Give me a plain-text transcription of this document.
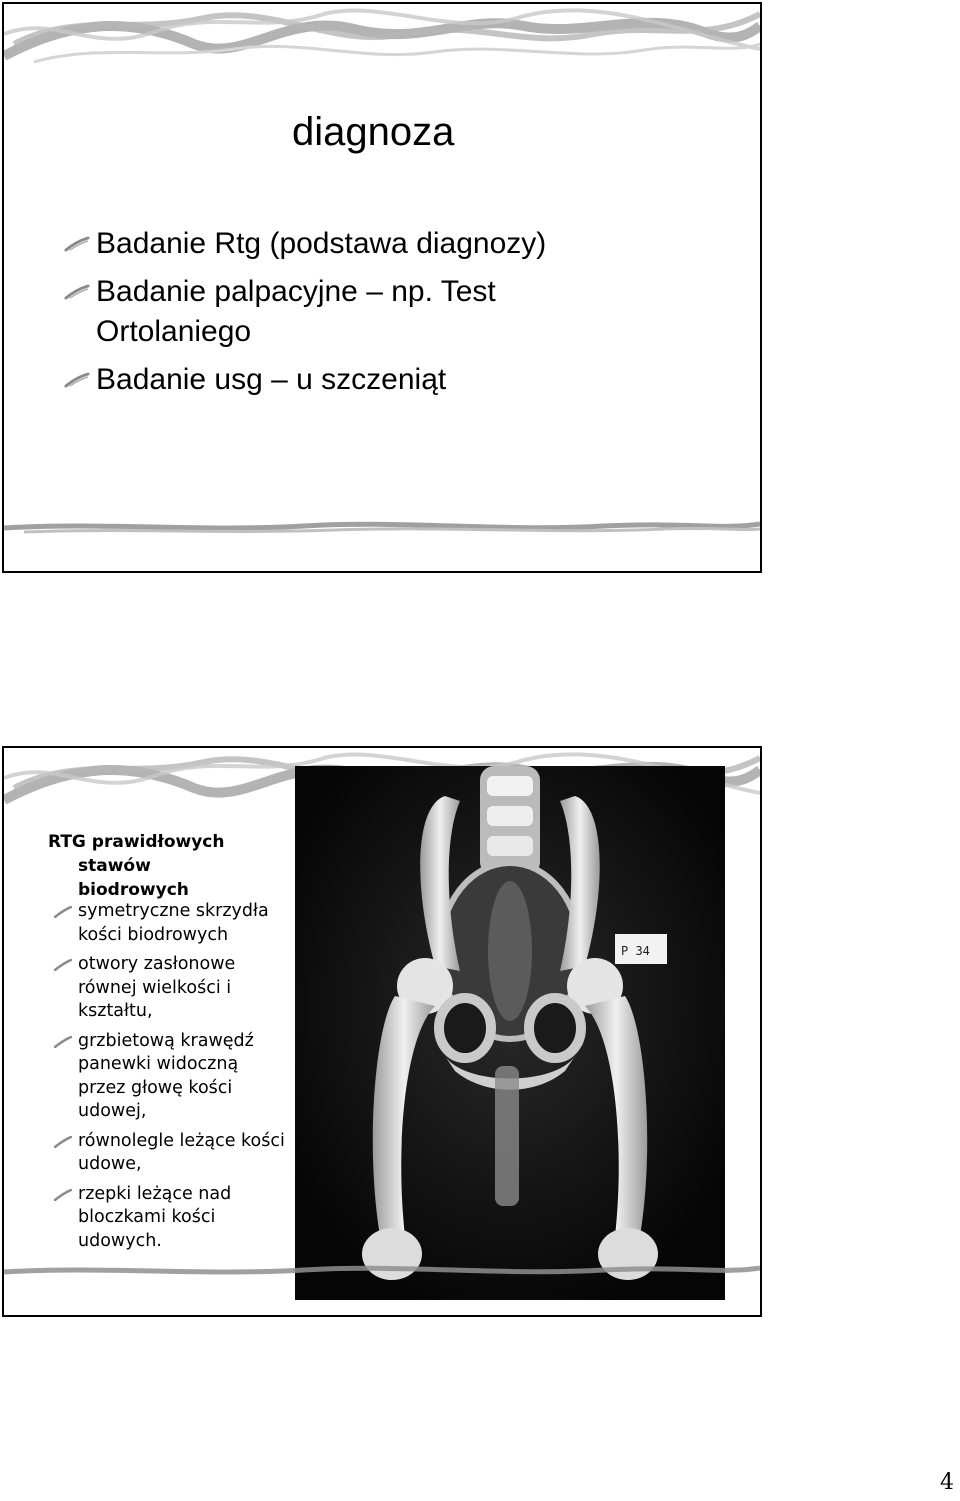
diagnoza
Badanie Rtg (podstawa diagnozy)
Badanie palpacyjne – np. Test Ortolaniego
Badanie usg – u szczeniąt
RTG prawidłowych

stawów
biodrowych
symetryczne skrzydła kości biodrowych
otwory zasłonowe równej wielkości i kształtu,
grzbietową krawędź panewki widoczną przez głowę kości udowej,
równolegle leżące kości udowe,
rzepki leżące nad bloczkami kości udowych.
P 34
4
